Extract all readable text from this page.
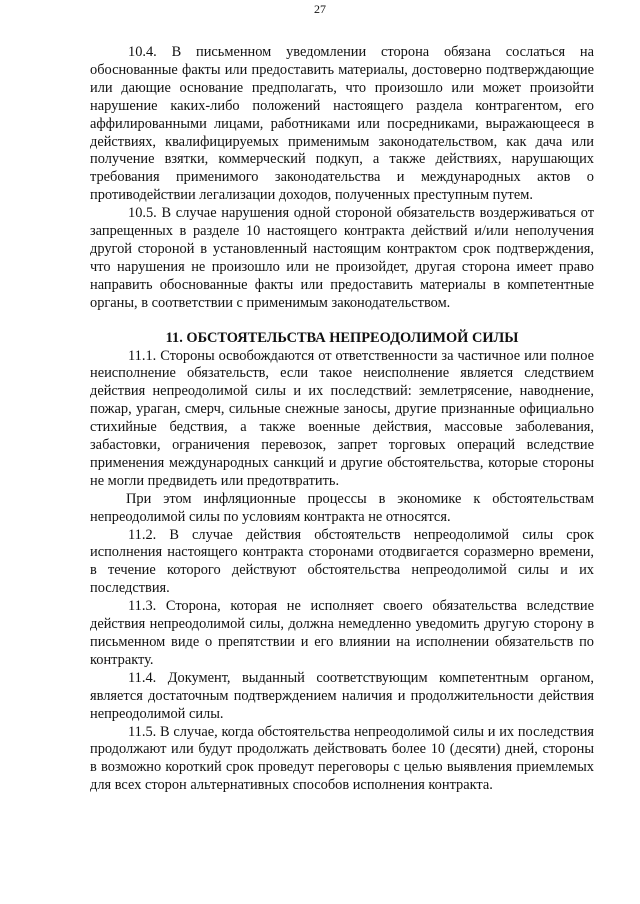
27

10.4. В письменном уведомлении сторона обязана сослаться на обоснованные факты или предоставить материалы, достоверно подтверждающие или дающие основание предполагать, что произошло или может произойти нарушение каких-либо положений настоящего раздела контрагентом, его аффилированными лицами, работниками или посредниками, выражающееся в действиях, квалифицируемых применимым законодательством, как дача или получение взятки, коммерческий подкуп, а также действиях, нарушающих требования применимого законодательства и международных актов о противодействии легализации доходов, полученных преступным путем.

10.5. В случае нарушения одной стороной обязательств воздерживаться от запрещенных в разделе 10 настоящего контракта действий и/или неполучения другой стороной в установленный настоящим контрактом срок подтверждения, что нарушения не произошло или не произойдет, другая сторона имеет право направить обоснованные факты или предоставить материалы в компетентные органы, в соответствии с применимым законодательством.

11. ОБСТОЯТЕЛЬСТВА НЕПРЕОДОЛИМОЙ СИЛЫ

11.1. Стороны освобождаются от ответственности за частичное или полное неисполнение обязательств, если такое неисполнение является следствием действия непреодолимой силы и их последствий: землетрясение, наводнение, пожар, ураган, смерч, сильные снежные заносы, другие признанные официально стихийные бедствия, а также военные действия, массовые заболевания, забастовки, ограничения перевозок, запрет торговых операций вследствие применения международных санкций и другие обстоятельства, которые стороны не могли предвидеть или предотвратить.

При этом инфляционные процессы в экономике к обстоятельствам непреодолимой силы по условиям контракта не относятся.

11.2. В случае действия обстоятельств непреодолимой силы срок исполнения настоящего контракта сторонами отодвигается соразмерно времени, в течение которого действуют обстоятельства непреодолимой силы и их последствия.

11.3. Сторона, которая не исполняет своего обязательства вследствие действия непреодолимой силы, должна немедленно уведомить другую сторону в письменном виде о препятствии и его влиянии на исполнении обязательств по контракту.

11.4. Документ, выданный соответствующим компетентным органом, является достаточным подтверждением наличия и продолжительности действия непреодолимой силы.

11.5. В случае, когда обстоятельства непреодолимой силы и их последствия продолжают или будут продолжать действовать более 10 (десяти) дней, стороны в возможно короткий срок проведут переговоры с целью выявления приемлемых для всех сторон альтернативных способов исполнения контракта.
